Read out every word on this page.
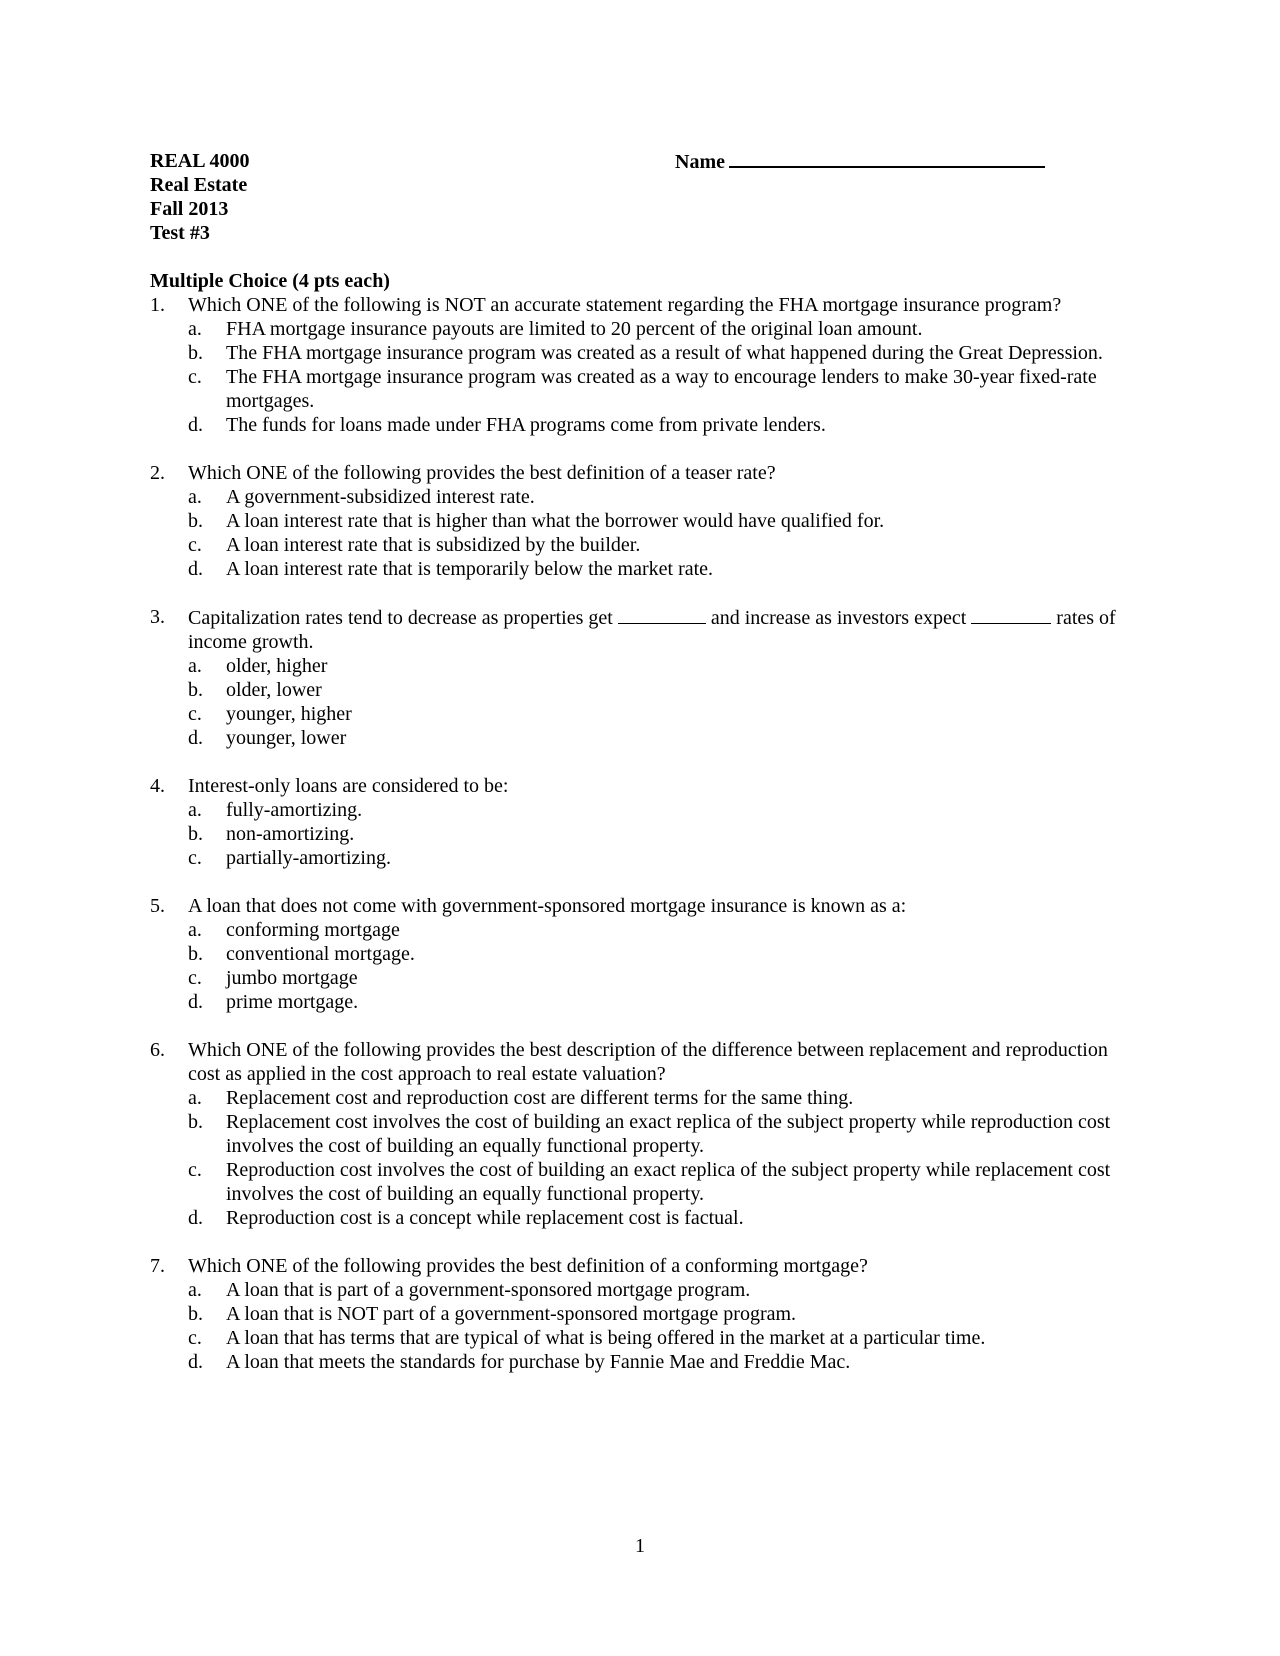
REAL 4000
Real Estate
Fall 2013
Test #3
Name
Multiple Choice (4 pts each)
1. Which ONE of the following is NOT an accurate statement regarding the FHA mortgage insurance program?
a. FHA mortgage insurance payouts are limited to 20 percent of the original loan amount.
b. The FHA mortgage insurance program was created as a result of what happened during the Great Depression.
c. The FHA mortgage insurance program was created as a way to encourage lenders to make 30-year fixed-rate mortgages.
d. The funds for loans made under FHA programs come from private lenders.
2. Which ONE of the following provides the best definition of a teaser rate?
a. A government-subsidized interest rate.
b. A loan interest rate that is higher than what the borrower would have qualified for.
c. A loan interest rate that is subsidized by the builder.
d. A loan interest rate that is temporarily below the market rate.
3. Capitalization rates tend to decrease as properties get	and increase as investors expect	rates of income growth.
a. older, higher
b. older, lower
c. younger, higher
d. younger, lower
4. Interest-only loans are considered to be:
a. fully-amortizing.
b. non-amortizing.
c. partially-amortizing.
5. A loan that does not come with government-sponsored mortgage insurance is known as a:
a. conforming mortgage
b. conventional mortgage.
c. jumbo mortgage
d. prime mortgage.
6. Which ONE of the following provides the best description of the difference between replacement and reproduction cost as applied in the cost approach to real estate valuation?
a. Replacement cost and reproduction cost are different terms for the same thing.
b. Replacement cost involves the cost of building an exact replica of the subject property while reproduction cost involves the cost of building an equally functional property.
c. Reproduction cost involves the cost of building an exact replica of the subject property while replacement cost involves the cost of building an equally functional property.
d. Reproduction cost is a concept while replacement cost is factual.
7. Which ONE of the following provides the best definition of a conforming mortgage?
a. A loan that is part of a government-sponsored mortgage program.
b. A loan that is NOT part of a government-sponsored mortgage program.
c. A loan that has terms that are typical of what is being offered in the market at a particular time.
d. A loan that meets the standards for purchase by Fannie Mae and Freddie Mac.
1
